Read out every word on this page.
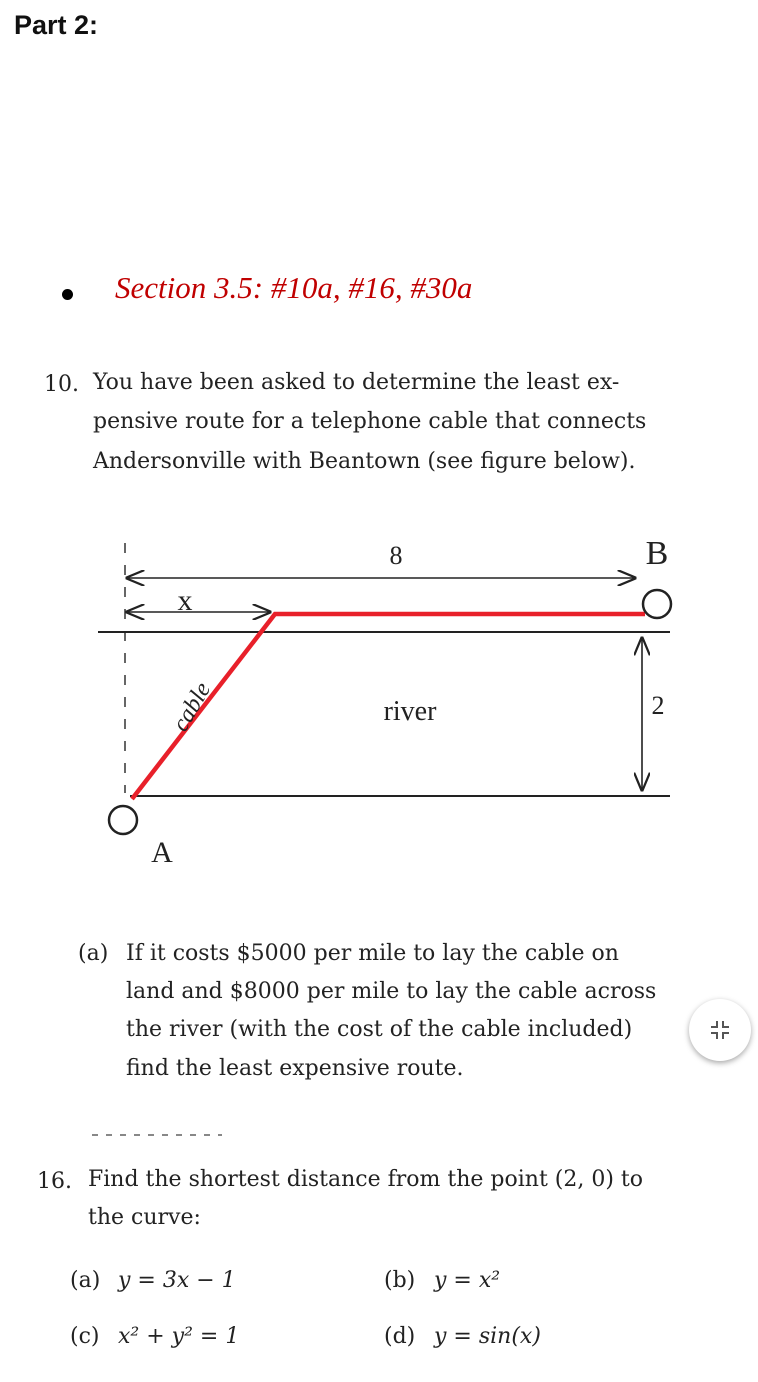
Part 2:
Section 3.5: #10a, #16, #30a
10. You have been asked to determine the least ex-
pensive route for a telephone cable that connects
Andersonville with Beantown (see figure below).
8	B
x
river	2
cable
A
(a) If it costs $5000 per mile to lay the cable on
land and $8000 per mile to lay the cable across
the river (with the cost of the cable included)
find the least expensive route.
16. Find the shortest distance from the point (2, 0) to
the curve:
(a) y = 3x − 1	(b) y = x²
(c) x² + y² = 1	(d) y = sin(x)
